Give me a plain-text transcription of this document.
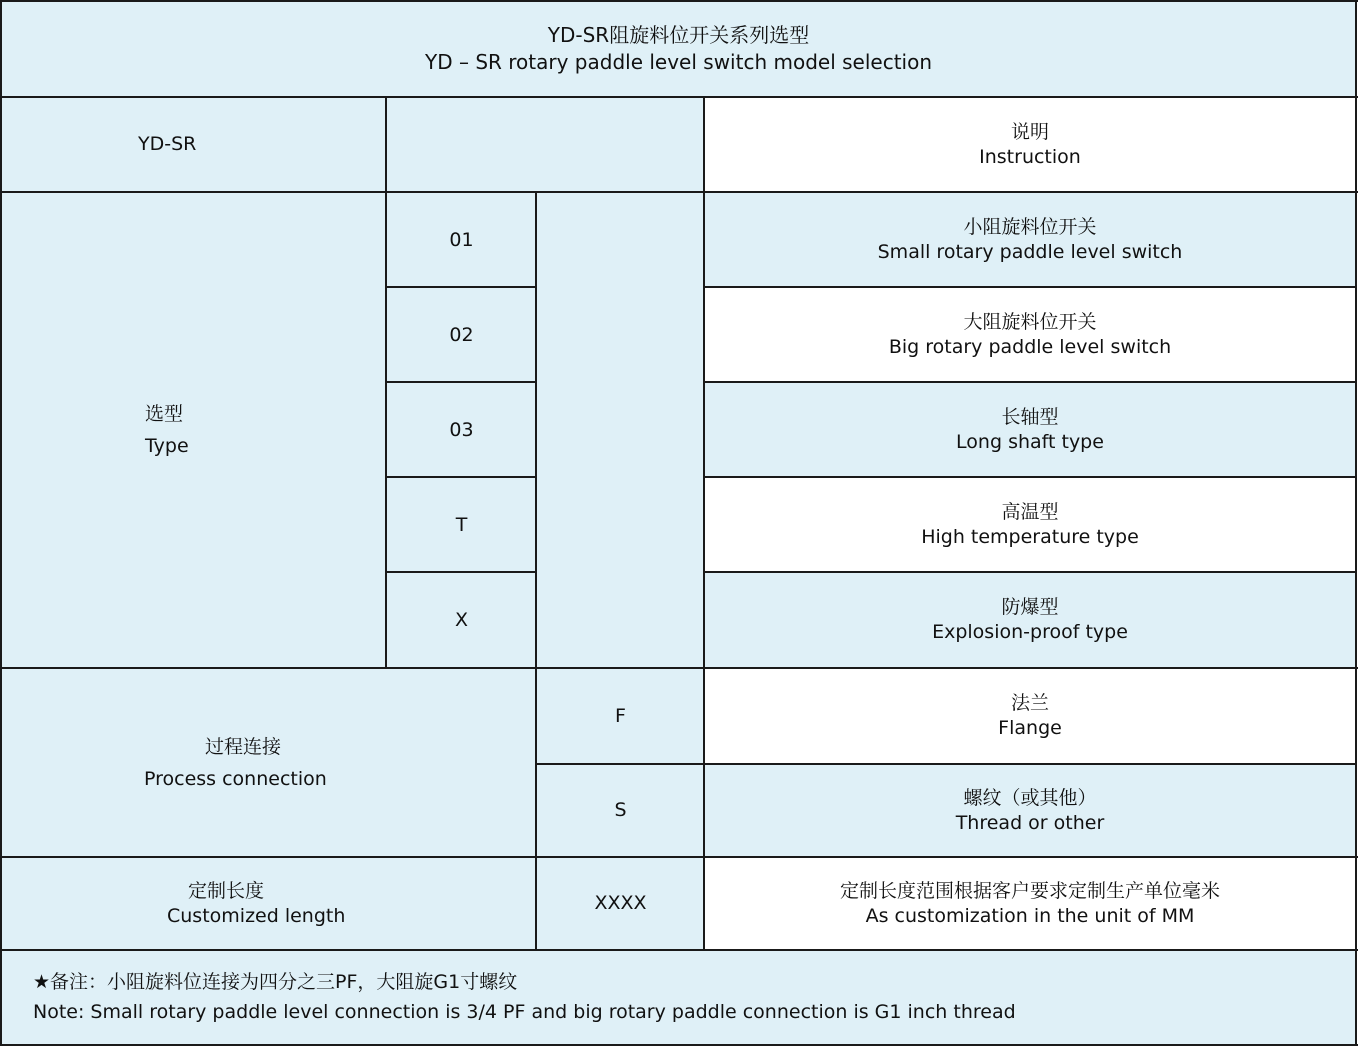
YD-SR阻旋料位开关系列选型
YD – SR rotary paddle level switch model selection
YD-SR
说明
Instruction
选型
Type
01
02
03
T
X
小阻旋料位开关
Small rotary paddle level switch
大阻旋料位开关
Big rotary paddle level switch
长轴型
Long shaft type
高温型
High temperature type
防爆型
Explosion-proof type
过程连接
Process connection
F
S
法兰
Flange
螺纹（或其他）
Thread or other
定制长度
Customized length
XXXX
定制长度范围根据客户要求定制生产单位毫米
As customization in the unit of MM
★备注：小阻旋料位连接为四分之三PF，大阻旋G1寸螺纹
Note: Small rotary paddle level connection is 3/4 PF and big rotary paddle connection is G1 inch thread
